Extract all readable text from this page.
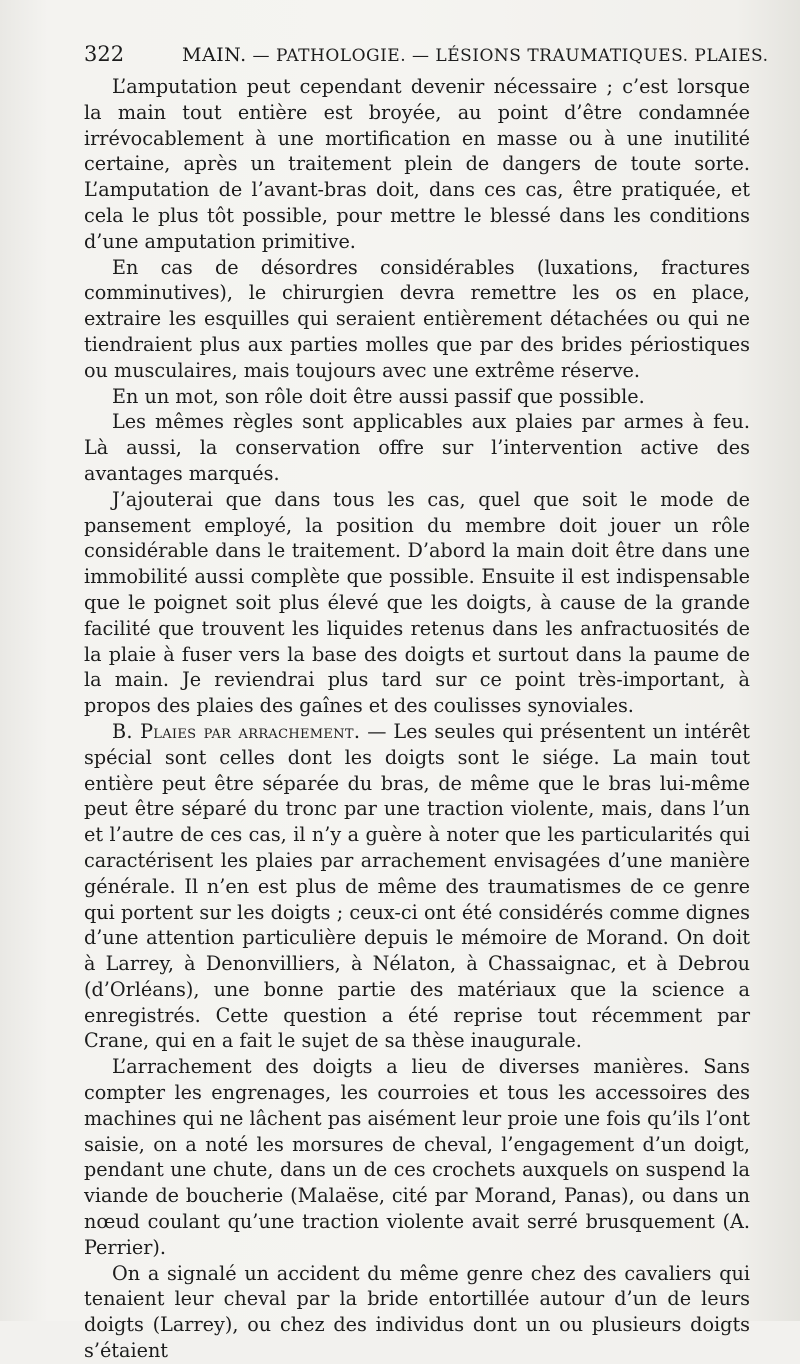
322	MAIN. — PATHOLOGIE. — LÉSIONS TRAUMATIQUES. PLAIES.

L’amputation peut cependant devenir nécessaire ; c’est lorsque la main tout entière est broyée, au point d’être condamnée irrévocablement à une mortification en masse ou à une inutilité certaine, après un traitement plein de dangers de toute sorte. L’amputation de l’avant-bras doit, dans ces cas, être pratiquée, et cela le plus tôt possible, pour mettre le blessé dans les conditions d’une amputation primitive.

En cas de désordres considérables (luxations, fractures comminutives), le chirurgien devra remettre les os en place, extraire les esquilles qui seraient entièrement détachées ou qui ne tiendraient plus aux parties molles que par des brides périostiques ou musculaires, mais toujours avec une extrême réserve.

En un mot, son rôle doit être aussi passif que possible.

Les mêmes règles sont applicables aux plaies par armes à feu. Là aussi, la conservation offre sur l’intervention active des avantages marqués.

J’ajouterai que dans tous les cas, quel que soit le mode de pansement employé, la position du membre doit jouer un rôle considérable dans le traitement. D’abord la main doit être dans une immobilité aussi complète que possible. Ensuite il est indispensable que le poignet soit plus élevé que les doigts, à cause de la grande facilité que trouvent les liquides retenus dans les anfractuosités de la plaie à fuser vers la base des doigts et surtout dans la paume de la main. Je reviendrai plus tard sur ce point très-important, à propos des plaies des gaînes et des coulisses synoviales.

B. Plaies par arrachement. — Les seules qui présentent un intérêt spécial sont celles dont les doigts sont le siége. La main tout entière peut être séparée du bras, de même que le bras lui-même peut être séparé du tronc par une traction violente, mais, dans l’un et l’autre de ces cas, il n’y a guère à noter que les particularités qui caractérisent les plaies par arrachement envisagées d’une manière générale. Il n’en est plus de même des traumatismes de ce genre qui portent sur les doigts ; ceux-ci ont été considérés comme dignes d’une attention particulière depuis le mémoire de Morand. On doit à Larrey, à Denonvilliers, à Nélaton, à Chassaignac, et à Debrou (d’Orléans), une bonne partie des matériaux que la science a enregistrés. Cette question a été reprise tout récemment par Crane, qui en a fait le sujet de sa thèse inaugurale.

L’arrachement des doigts a lieu de diverses manières. Sans compter les engrenages, les courroies et tous les accessoires des machines qui ne lâchent pas aisément leur proie une fois qu’ils l’ont saisie, on a noté les morsures de cheval, l’engagement d’un doigt, pendant une chute, dans un de ces crochets auxquels on suspend la viande de boucherie (Malaëse, cité par Morand, Panas), ou dans un nœud coulant qu’une traction violente avait serré brusquement (A. Perrier).

On a signalé un accident du même genre chez des cavaliers qui tenaient leur cheval par la bride entortillée autour d’un de leurs doigts (Larrey), ou chez des individus dont un ou plusieurs doigts s’étaient
